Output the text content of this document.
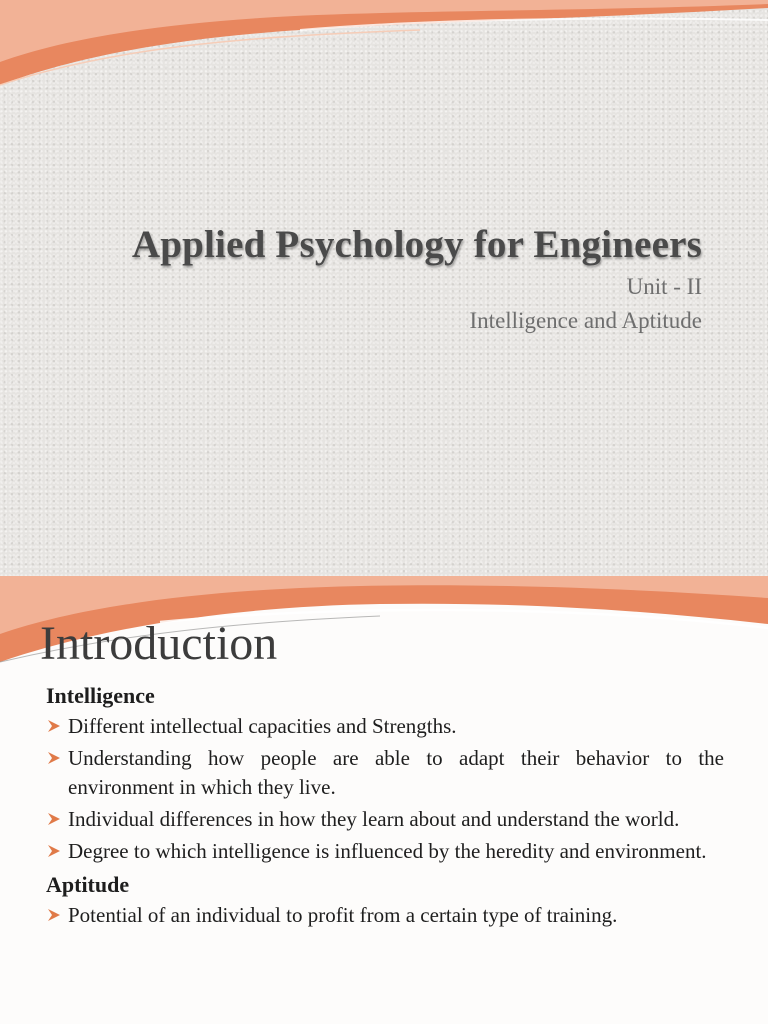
Applied Psychology for Engineers
Unit - II
Intelligence and Aptitude
Introduction
Intelligence
Different intellectual capacities and Strengths.
Understanding how people are able to adapt their behavior to the environment in which they live.
Individual differences in how they learn about and understand the world.
Degree to which intelligence is influenced by the heredity and environment.
Aptitude
Potential of an individual to profit from a certain type of training.
